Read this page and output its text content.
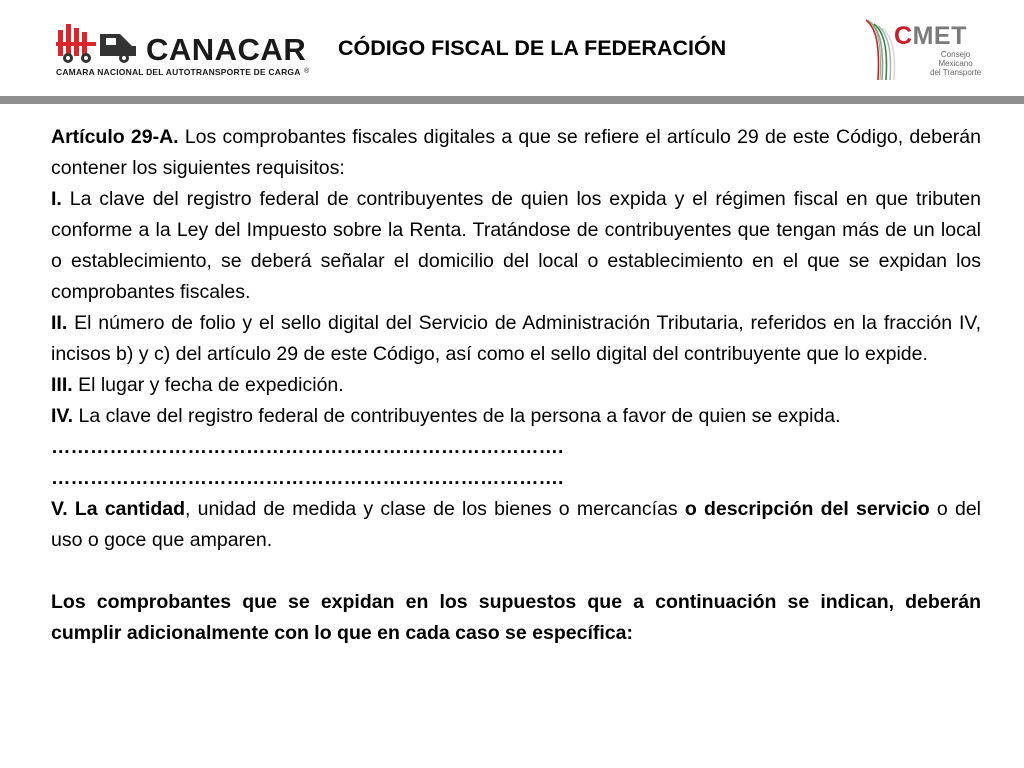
CANACAR
CAMARA NACIONAL DEL AUTOTRANSPORTE DE CARGA ®
CÓDIGO FISCAL DE LA FEDERACIÓN	CMET
Consejo
Mexicano
del Transporte

Artículo 29-A. Los comprobantes fiscales digitales a que se refiere el artículo 29 de este Código, deberán contener los siguientes requisitos:

I. La clave del registro federal de contribuyentes de quien los expida y el régimen fiscal en que tributen conforme a la Ley del Impuesto sobre la Renta. Tratándose de contribuyentes que tengan más de un local o establecimiento, se deberá señalar el domicilio del local o establecimiento en el que se expidan los comprobantes fiscales.

II. El número de folio y el sello digital del Servicio de Administración Tributaria, referidos en la fracción IV, incisos b) y c) del artículo 29 de este Código, así como el sello digital del contribuyente que lo expide.

III. El lugar y fecha de expedición.

IV. La clave del registro federal de contribuyentes de la persona a favor de quien se expida.

…………………………………………………………………….

…………………………………………………………………….

V. La cantidad, unidad de medida y clase de los bienes o mercancías o descripción del servicio o del uso o goce que amparen.

Los comprobantes que se expidan en los supuestos que a continuación se indican, deberán cumplir adicionalmente con lo que en cada caso se específica:
